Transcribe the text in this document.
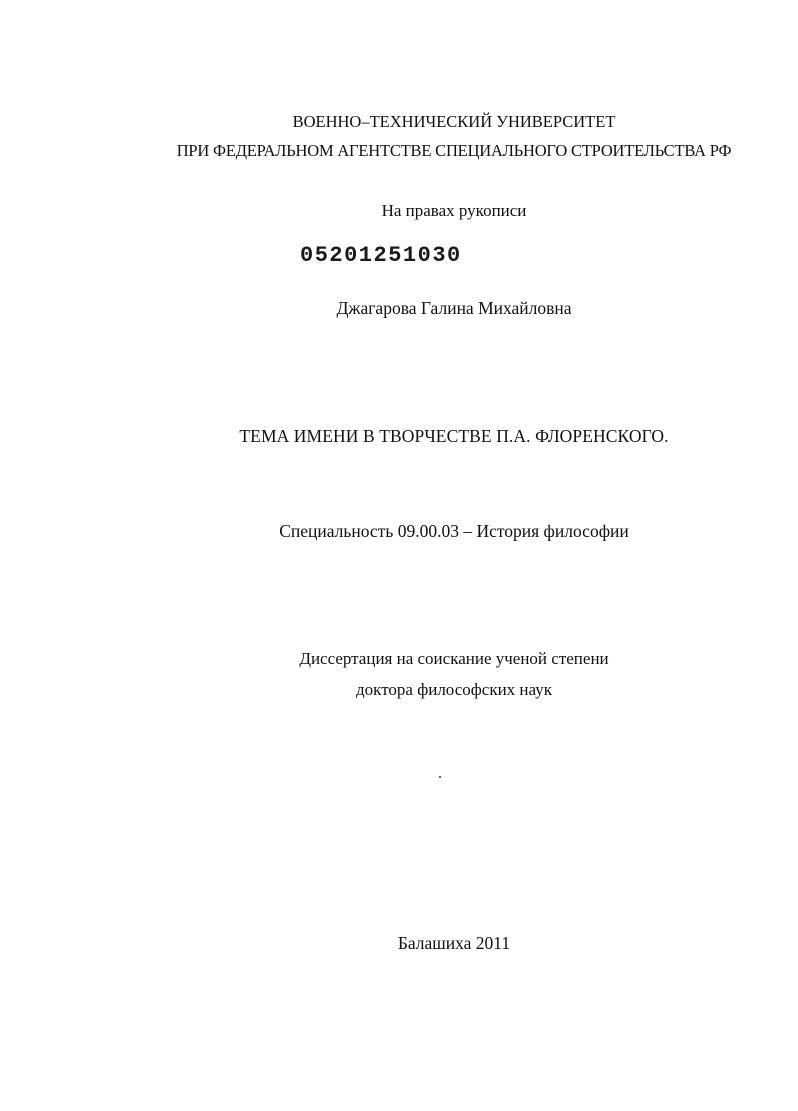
ВОЕННО–ТЕХНИЧЕСКИЙ УНИВЕРСИТЕТ
ПРИ ФЕДЕРАЛЬНОМ АГЕНТСТВЕ СПЕЦИАЛЬНОГО СТРОИТЕЛЬСТВА РФ
На правах рукописи
05201251030
Джагарова Галина Михайловна
ТЕМА ИМЕНИ В ТВОРЧЕСТВЕ П.А. ФЛОРЕНСКОГО.
Специальность 09.00.03 – История философии
Диссертация на соискание ученой степени
доктора философских наук
Балашиха 2011
